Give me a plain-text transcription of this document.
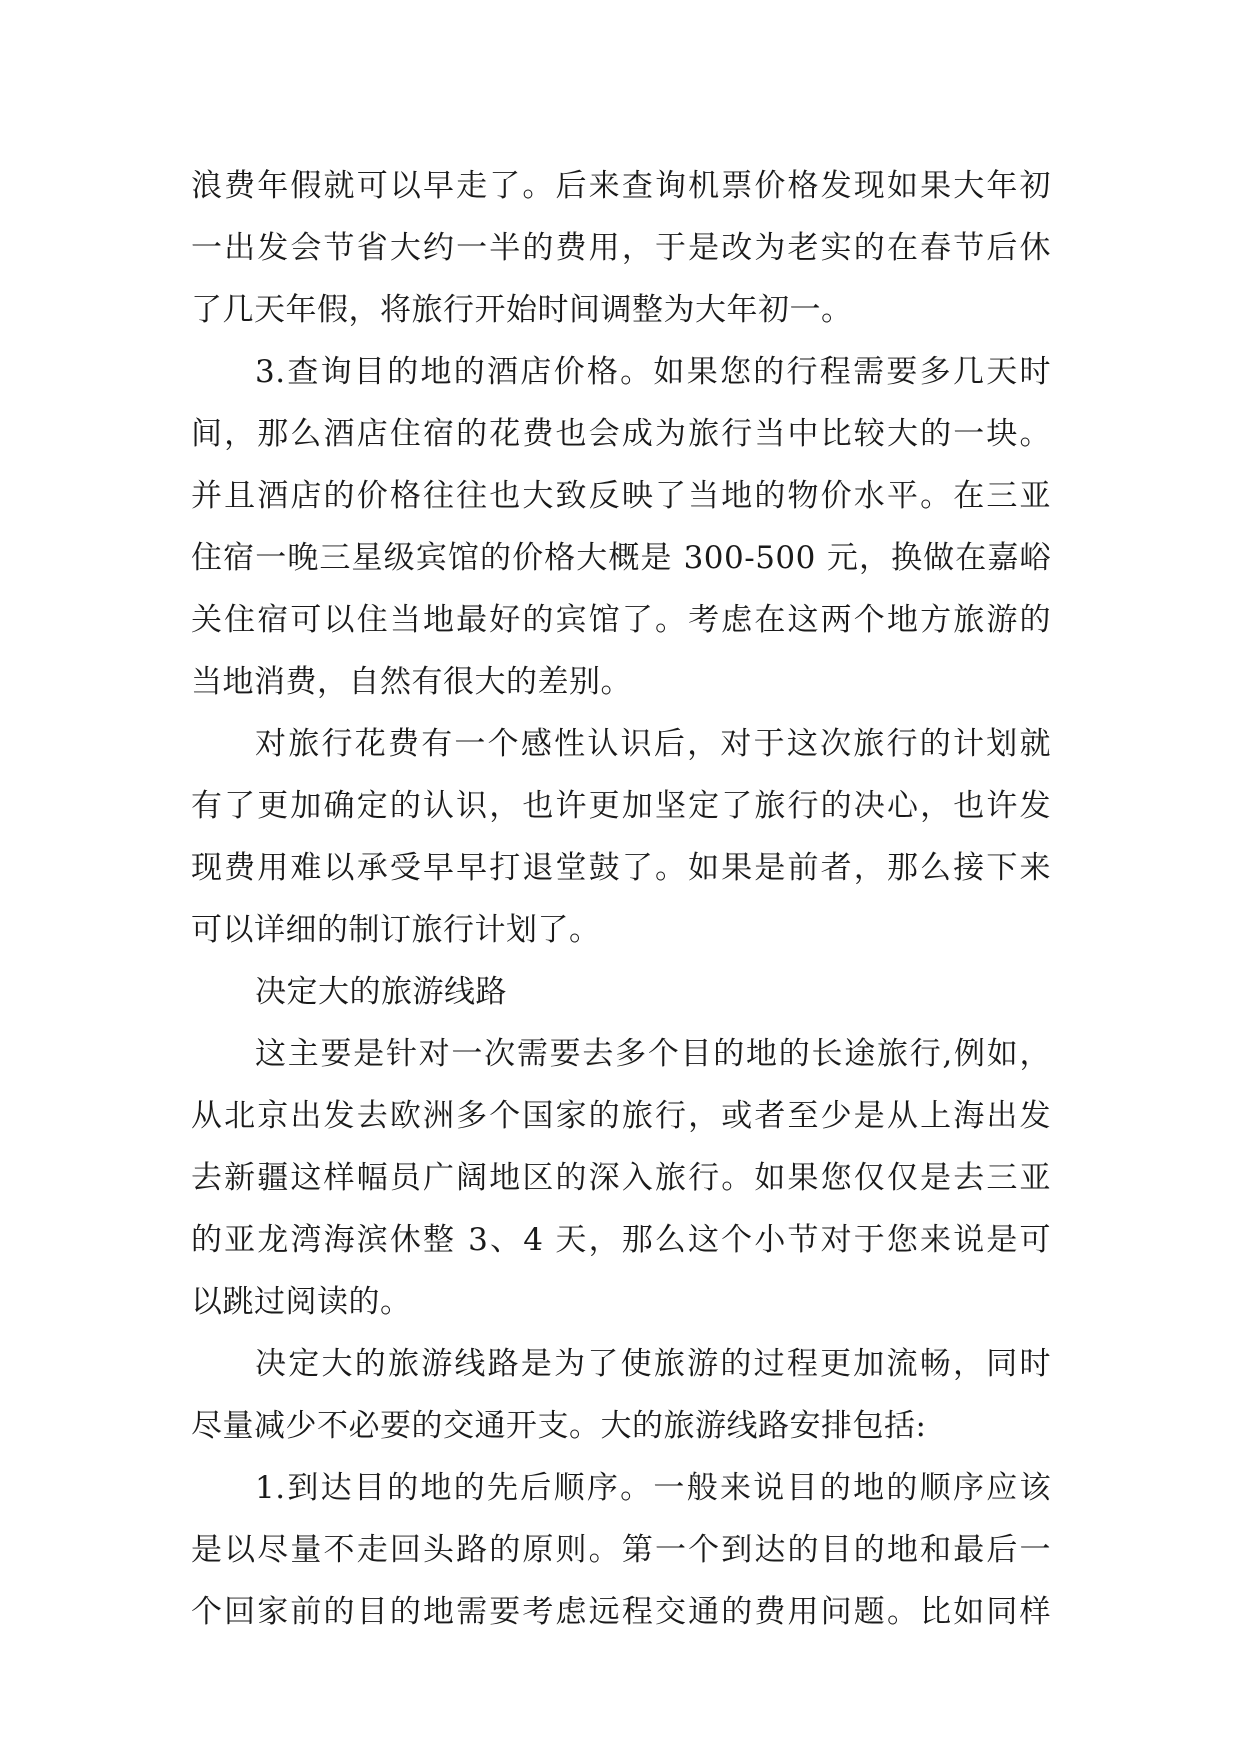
浪费年假就可以早走了。后来查询机票价格发现如果大年初
一出发会节省大约一半的费用，于是改为老实的在春节后休
了几天年假，将旅行开始时间调整为大年初一。
3.查询目的地的酒店价格。如果您的行程需要多几天时
间，那么酒店住宿的花费也会成为旅行当中比较大的一块。
并且酒店的价格往往也大致反映了当地的物价水平。在三亚
住宿一晚三星级宾馆的价格大概是 300-500 元，换做在嘉峪
关住宿可以住当地最好的宾馆了。考虑在这两个地方旅游的
当地消费，自然有很大的差别。
对旅行花费有一个感性认识后，对于这次旅行的计划就
有了更加确定的认识，也许更加坚定了旅行的决心，也许发
现费用难以承受早早打退堂鼓了。如果是前者，那么接下来
可以详细的制订旅行计划了。
决定大的旅游线路
这主要是针对一次需要去多个目的地的长途旅行,例如，
从北京出发去欧洲多个国家的旅行，或者至少是从上海出发
去新疆这样幅员广阔地区的深入旅行。如果您仅仅是去三亚
的亚龙湾海滨休整 3、4 天，那么这个小节对于您来说是可
以跳过阅读的。
决定大的旅游线路是为了使旅游的过程更加流畅，同时
尽量减少不必要的交通开支。大的旅游线路安排包括:
1.到达目的地的先后顺序。一般来说目的地的顺序应该
是以尽量不走回头路的原则。第一个到达的目的地和最后一
个回家前的目的地需要考虑远程交通的费用问题。比如同样
